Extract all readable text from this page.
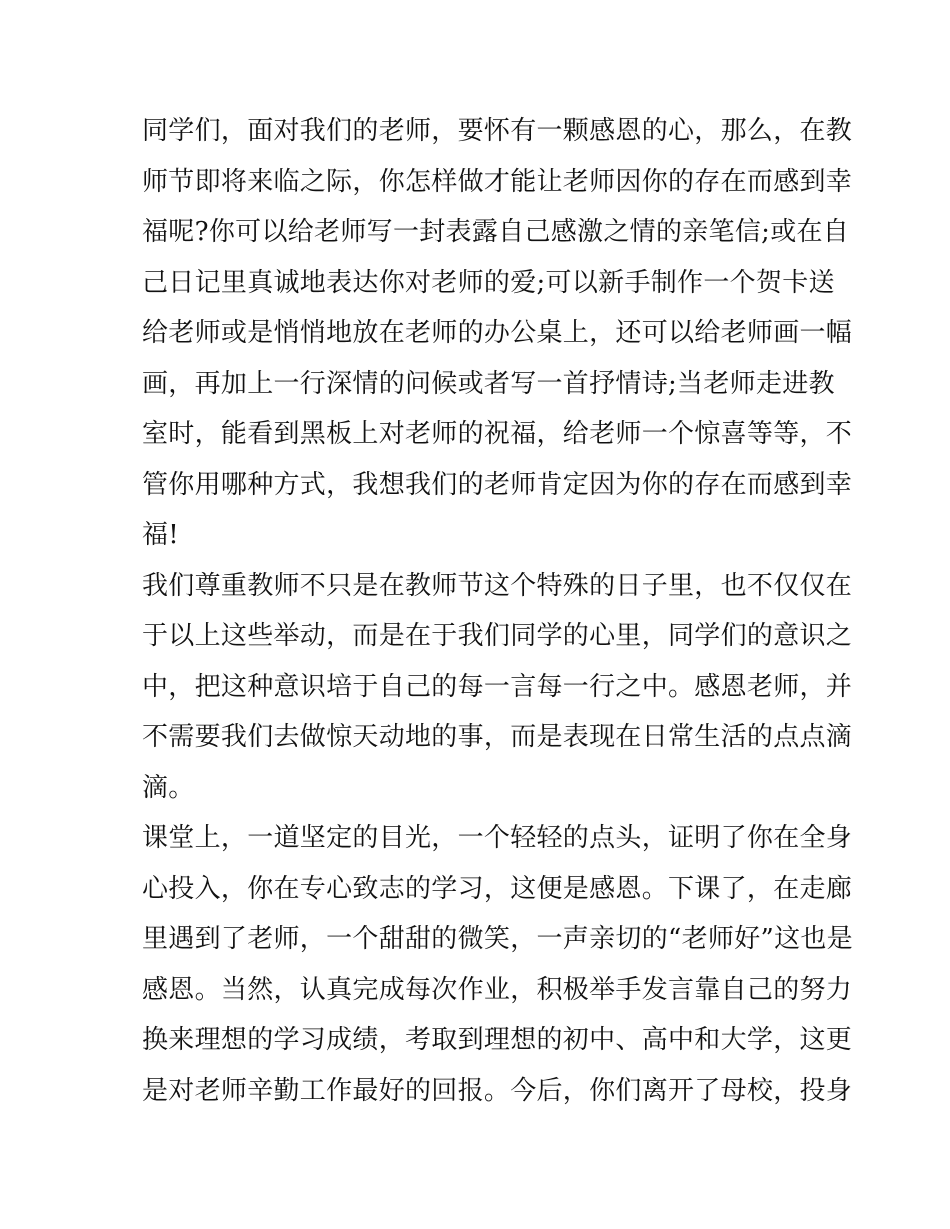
同学们，面对我们的老师，要怀有一颗感恩的心，那么，在教
师节即将来临之际，你怎样做才能让老师因你的存在而感到幸
福呢?你可以给老师写一封表露自己感激之情的亲笔信;或在自
己日记里真诚地表达你对老师的爱;可以新手制作一个贺卡送
给老师或是悄悄地放在老师的办公桌上，还可以给老师画一幅
画，再加上一行深情的问候或者写一首抒情诗;当老师走进教
室时，能看到黑板上对老师的祝福，给老师一个惊喜等等，不
管你用哪种方式，我想我们的老师肯定因为你的存在而感到幸
福!

我们尊重教师不只是在教师节这个特殊的日子里，也不仅仅在
于以上这些举动，而是在于我们同学的心里，同学们的意识之
中，把这种意识培于自己的每一言每一行之中。感恩老师，并
不需要我们去做惊天动地的事，而是表现在日常生活的点点滴
滴。

课堂上，一道坚定的目光，一个轻轻的点头，证明了你在全身
心投入，你在专心致志的学习，这便是感恩。下课了，在走廊
里遇到了老师，一个甜甜的微笑，一声亲切的“老师好”这也是
感恩。当然，认真完成每次作业，积极举手发言靠自己的努力
换来理想的学习成绩，考取到理想的初中、高中和大学，这更
是对老师辛勤工作最好的回报。今后，你们离开了母校，投身
